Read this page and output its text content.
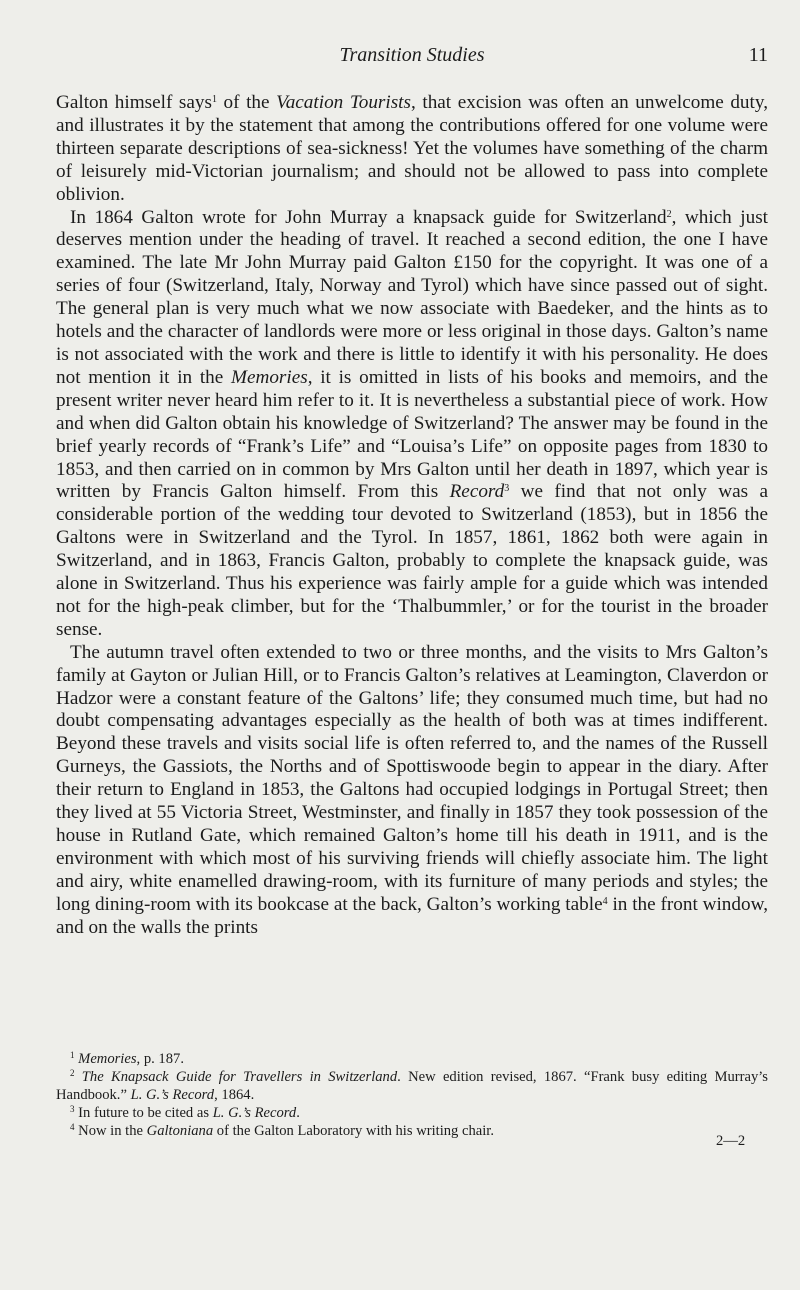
Transition Studies	11

Galton himself says$^1$ of the Vacation Tourists, that excision was often an unwelcome duty, and illustrates it by the statement that among the contributions offered for one volume were thirteen separate descriptions of sea-sickness! Yet the volumes have something of the charm of leisurely mid-Victorian journalism; and should not be allowed to pass into complete oblivion.

In 1864 Galton wrote for John Murray a knapsack guide for Switzerland$^2$, which just deserves mention under the heading of travel. It reached a second edition, the one I have examined. The late Mr John Murray paid Galton £150 for the copyright. It was one of a series of four (Switzerland, Italy, Norway and Tyrol) which have since passed out of sight. The general plan is very much what we now associate with Baedeker, and the hints as to hotels and the character of landlords were more or less original in those days. Galton’s name is not associated with the work and there is little to identify it with his personality. He does not mention it in the Memories, it is omitted in lists of his books and memoirs, and the present writer never heard him refer to it. It is nevertheless a substantial piece of work. How and when did Galton obtain his knowledge of Switzerland? The answer may be found in the brief yearly records of “Frank’s Life” and “Louisa’s Life” on opposite pages from 1830 to 1853, and then carried on in common by Mrs Galton until her death in 1897, which year is written by Francis Galton himself. From this Record$^3$ we find that not only was a considerable portion of the wedding tour devoted to Switzerland (1853), but in 1856 the Galtons were in Switzerland and the Tyrol. In 1857, 1861, 1862 both were again in Switzerland, and in 1863, Francis Galton, probably to complete the knapsack guide, was alone in Switzerland. Thus his experience was fairly ample for a guide which was intended not for the high-peak climber, but for the ‘Thalbummler,’ or for the tourist in the broader sense.

The autumn travel often extended to two or three months, and the visits to Mrs Galton’s family at Gayton or Julian Hill, or to Francis Galton’s relatives at Leamington, Claverdon or Hadzor were a constant feature of the Galtons’ life; they consumed much time, but had no doubt compensating advantages especially as the health of both was at times indifferent. Beyond these travels and visits social life is often referred to, and the names of the Russell Gurneys, the Gassiots, the Norths and of Spottiswoode begin to appear in the diary. After their return to England in 1853, the Galtons had occupied lodgings in Portugal Street; then they lived at 55 Victoria Street, Westminster, and finally in 1857 they took possession of the house in Rutland Gate, which remained Galton’s home till his death in 1911, and is the environment with which most of his surviving friends will chiefly associate him. The light and airy, white enamelled drawing-room, with its furniture of many periods and styles; the long dining-room with its bookcase at the back, Galton’s working table$^4$ in the front window, and on the walls the prints

$^1$ Memories, p. 187.

$^2$ The Knapsack Guide for Travellers in Switzerland. New edition revised, 1867. “Frank busy editing Murray’s Handbook.” L. G.’s Record, 1864.

$^3$ In future to be cited as L. G.’s Record.

$^4$ Now in the Galtoniana of the Galton Laboratory with his writing chair.

2—2
